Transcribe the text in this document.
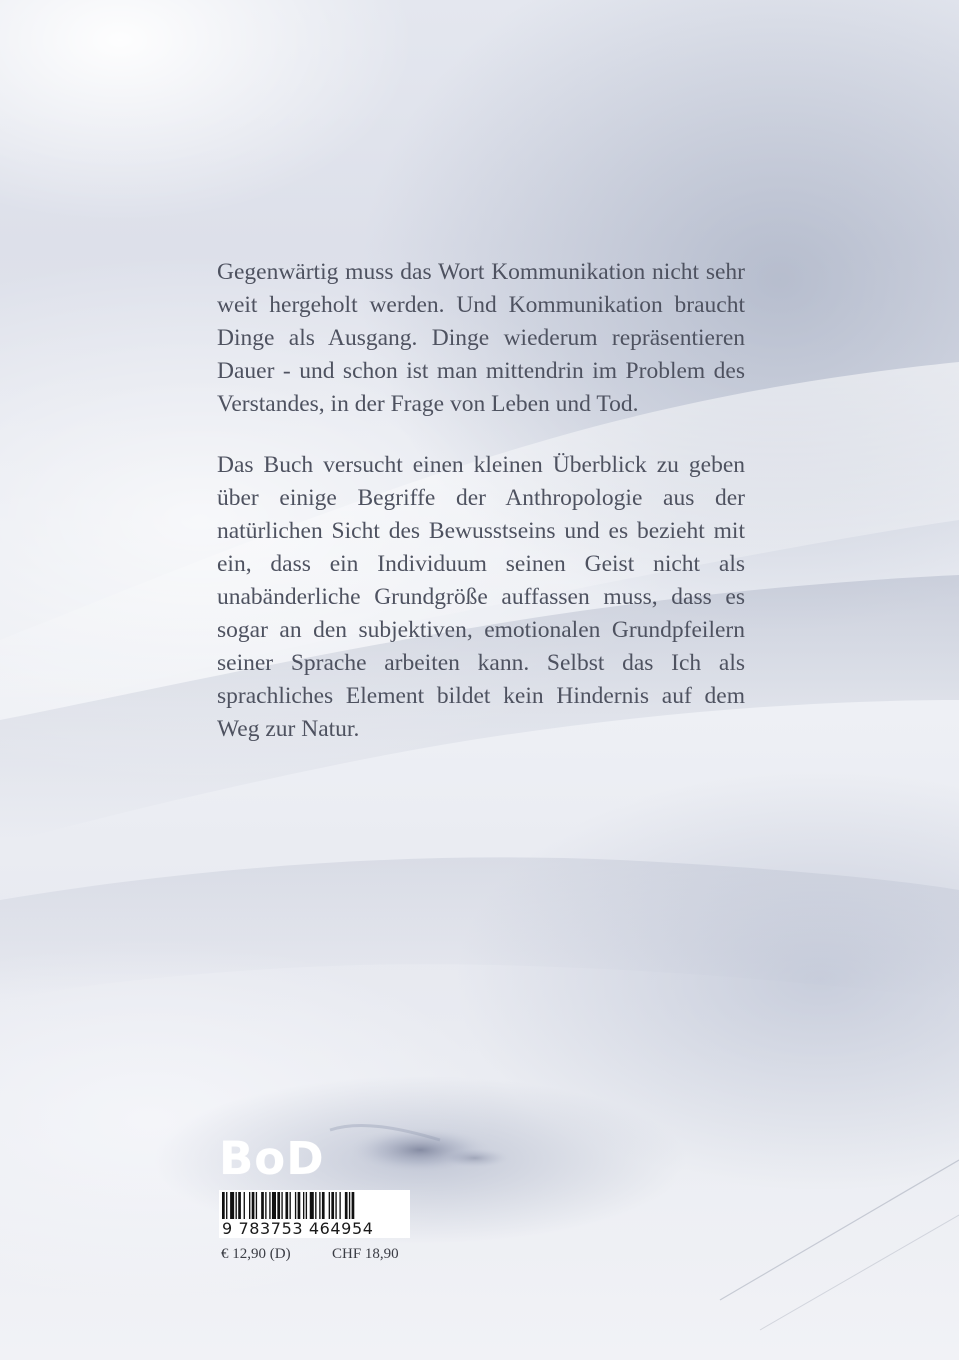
Gegenwärtig muss das Wort Kommunikation nicht sehr weit hergeholt werden. Und Kommunikation braucht Dinge als Ausgang. Dinge wiederum repräsentieren Dauer - und schon ist man mittendrin im Problem des Verstandes, in der Frage von Leben und Tod.

Das Buch versucht einen kleinen Überblick zu geben über einige Begriffe der Anthropologie aus der natürlichen Sicht des Bewusstseins und es bezieht mit ein, dass ein Individuum seinen Geist nicht als unabänderliche Grundgröße auffassen muss, dass es sogar an den subjektiven, emotionalen Grundpfeilern seiner Sprache arbeiten kann. Selbst das Ich als sprachliches Element bildet kein Hindernis auf dem Weg zur Natur.

BoD
9 783753 464954
€ 12,90 (D)	CHF 18,90
